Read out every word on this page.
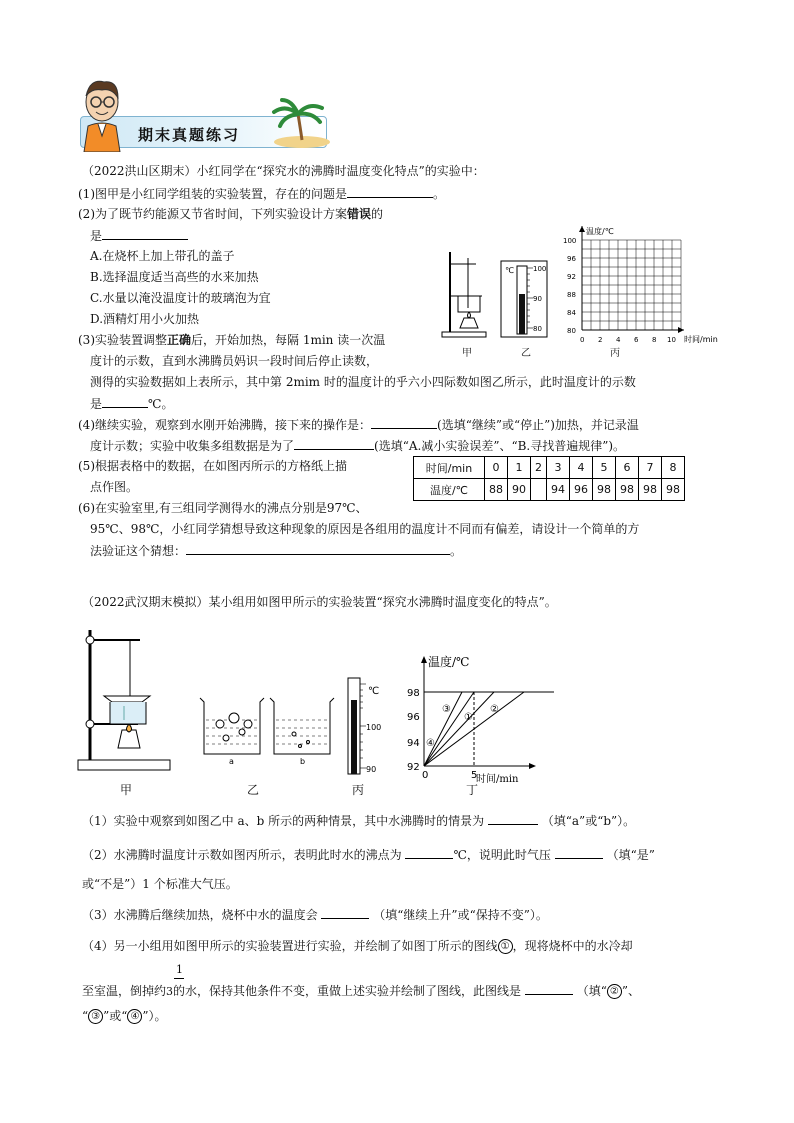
期末真题练习
（2022洪山区期末）小红同学在“探究水的沸腾时温度变化特点”的实验中：
(1)图甲是小红同学组装的实验装置，存在的问题是	。
(2)为了既节约能源又节省时间，下列实验设计方案错误的
是
A.在烧杯上加上带孔的盖子
B.选择温度适当高些的水来加热
C.水量以淹没温度计的玻璃泡为宜
D.酒精灯用小火加热
(3)实验装置调整正确后，开始加热，每隔 1min 读一次温
度计的示数，直到水沸腾员妈识一段时间后停止读数，
测得的实验数据如上表所示，其中第 2mim 时的温度计的乎六小四际数如图乙所示，此时温度计的示数
是	℃。
(4)继续实验，观察到水刚开始沸腾，接下来的操作是：	(选填“继续”或“停止”)加热，并记录温
度计示数；实验中收集多组数据是为了	(选填“A.减小实验误差”、“B.寻找普遍规律”)。
(5)根据表格中的数据，在如图丙所示的方格纸上描
点作图。
(6)在实验室里,有三组同学测得水的沸点分别是97℃、
95℃、98℃，小红同学猜想导致这种现象的原因是各组用的温度计不同而有偏差，请设计一个简单的方
法验证这个猜想：	。
时间/min	0	1	2	3	4	5	6	7	8
温度/℃	88	90		94	96	98	98	98	98
甲
℃	100
90
80
乙
温度/℃
时间/min
100
96
92
88
84
80
0 2 4 6 8 10
丙
（2022武汉期末模拟）某小组用如图甲所示的实验装置“探究水沸腾时温度变化的特点”。
甲
a	b
乙
℃
100
90
丙
温度/℃
时间/min
98
96
94
92
0	5
①
②
③
④
丁
（1）实验中观察到如图乙中 a、b 所示的两种情景，其中水沸腾时的情景为	（填“a”或“b”）。
（2）水沸腾时温度计示数如图丙所示，表明此时水的沸点为	℃，说明此时气压	（填“是”
或“不是”）1 个标准大气压。
（3）水沸腾后继续加热，烧杯中水的温度会	（填“继续上升”或“保持不变”）。
（4）另一小组用如图甲所示的实验装置进行实验，并绘制了如图丁所示的图线 ① ，现将烧杯中的水冷却
1
至室温，倒掉约3的水，保持其他条件不变，重做上述实验并绘制了图线，此图线是	（填“ ② ”、
“ ③ ”或“ ④ ”）。
